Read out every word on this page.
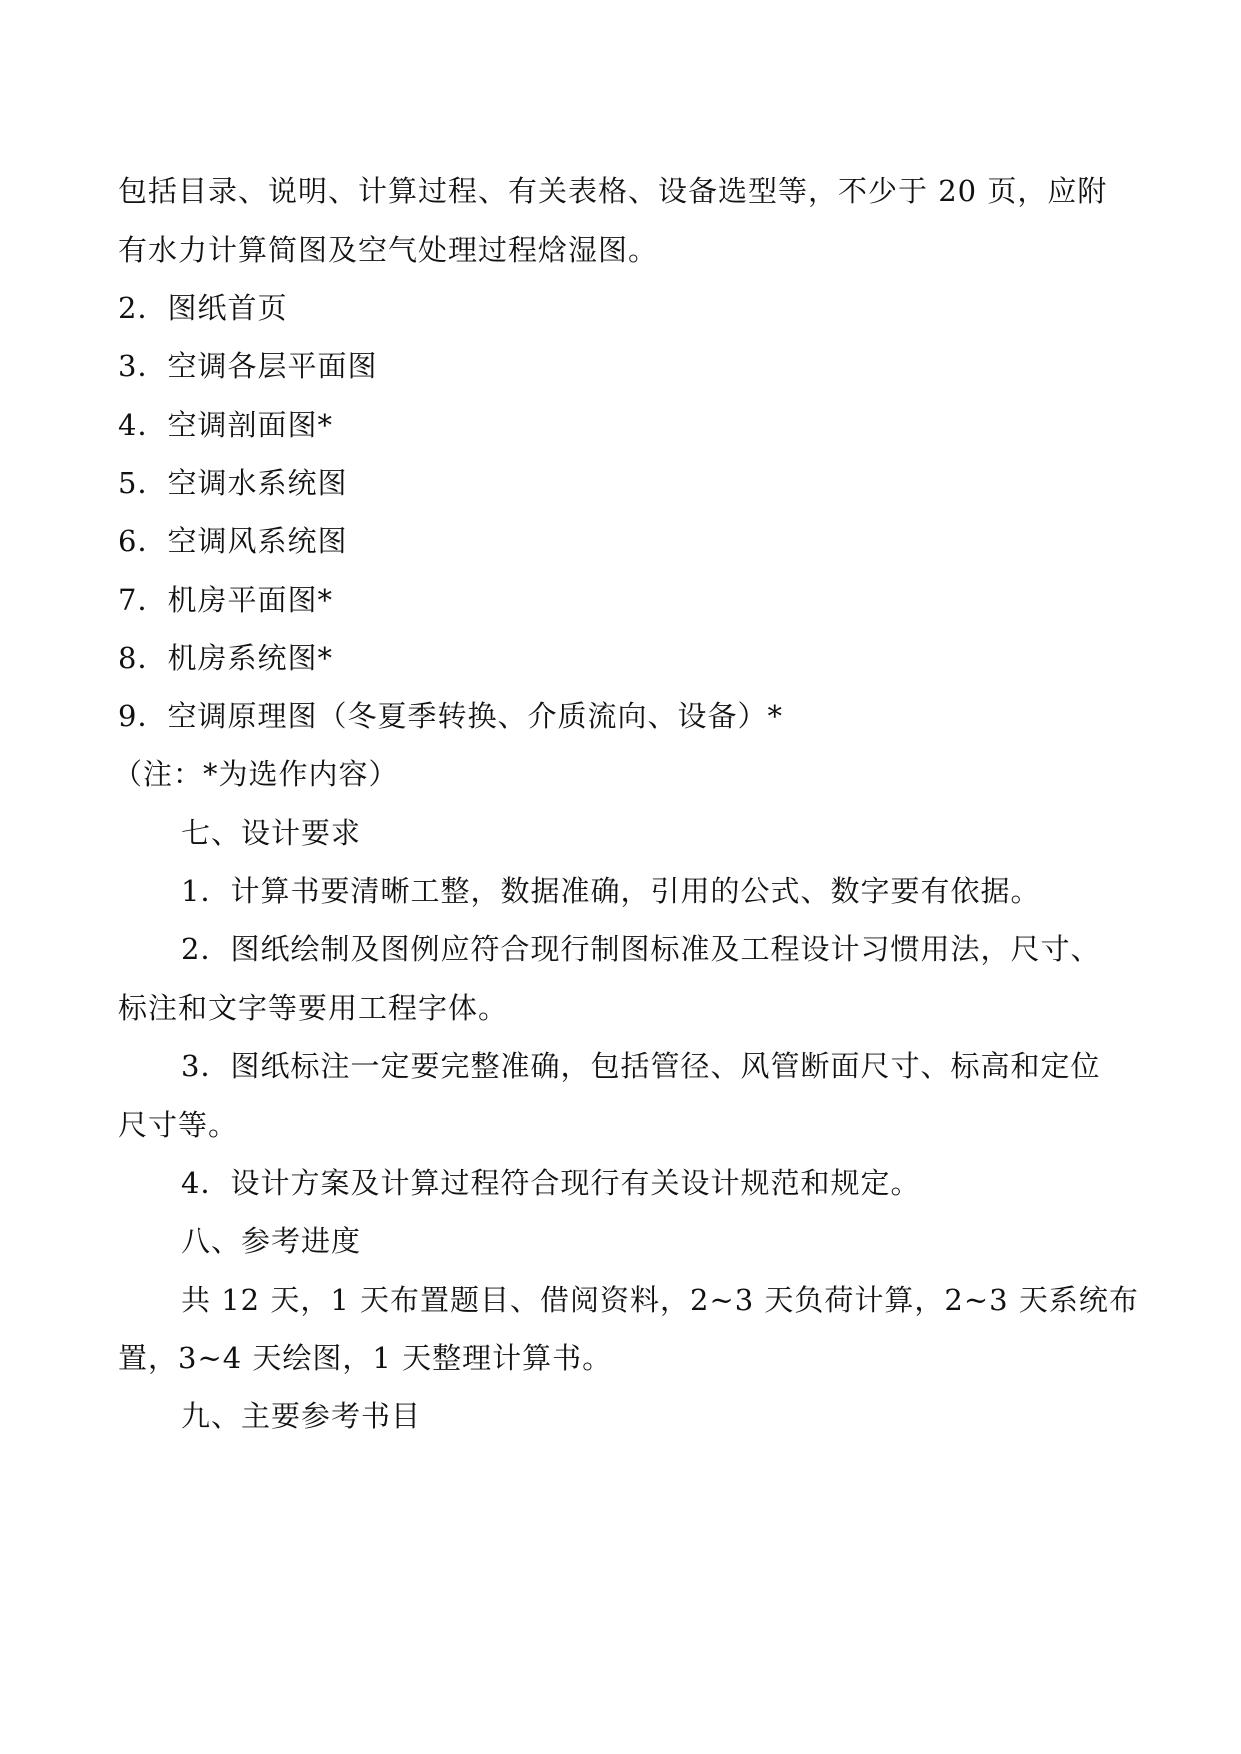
包括目录、说明、计算过程、有关表格、设备选型等，不少于 20 页，应附
有水力计算简图及空气处理过程焓湿图。
2．图纸首页
3．空调各层平面图
4．空调剖面图*
5．空调水系统图
6．空调风系统图
7．机房平面图*
8．机房系统图*
9．空调原理图（冬夏季转换、介质流向、设备）*
（注：*为选作内容）
七、设计要求
1．计算书要清晰工整，数据准确，引用的公式、数字要有依据。
2．图纸绘制及图例应符合现行制图标准及工程设计习惯用法，尺寸、
标注和文字等要用工程字体。
3．图纸标注一定要完整准确，包括管径、风管断面尺寸、标高和定位
尺寸等。
4．设计方案及计算过程符合现行有关设计规范和规定。
八、参考进度
共 12 天，1 天布置题目、借阅资料，2~3 天负荷计算，2~3 天系统布
置，3~4 天绘图，1 天整理计算书。
九、主要参考书目
